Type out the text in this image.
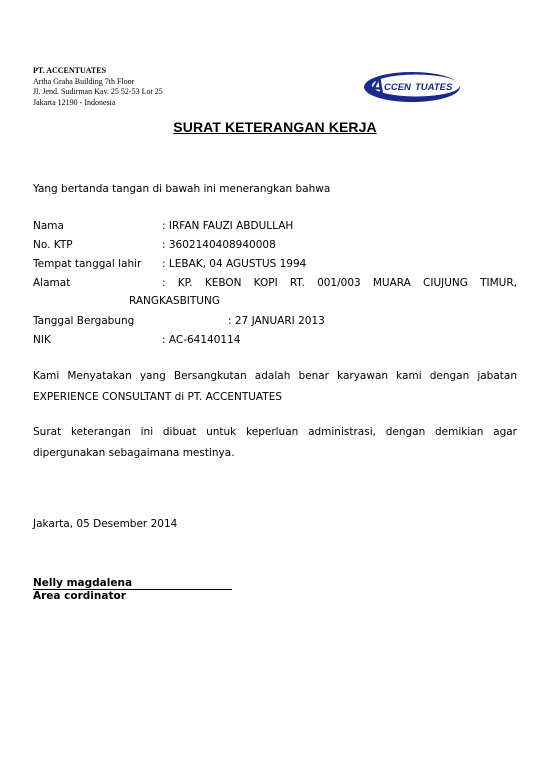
PT. ACCENTUATES
Artha Graha Building 7th Floor
Jl. Jend. Sudirman Kav. 25 52-53 Lot 25
Jakarta 12190 - Indonesia
A CCEN TUATES
SURAT KETERANGAN KERJA
Yang bertanda tangan di bawah ini menerangkan bahwa
Nama	: IRFAN FAUZI ABDULLAH
No. KTP	: 3602140408940008
Tempat tanggal lahir : LEBAK, 04 AGUSTUS 1994
Alamat	: KP. KEBON KOPI RT. 001/003 MUARA CIUJUNG TIMUR,
RANGKASBITUNG
Tanggal Bergabung	: 27 JANUARI 2013
NIK	: AC-64140114
Kami Menyatakan yang Bersangkutan adalah benar karyawan kami dengan jabatan
EXPERIENCE CONSULTANT di PT. ACCENTUATES
Surat keterangan ini dibuat untuk keperluan administrasi, dengan demikian agar
dipergunakan sebagaimana mestinya.
Jakarta, 05 Desember 2014
Nelly magdalena
Area cordinator
